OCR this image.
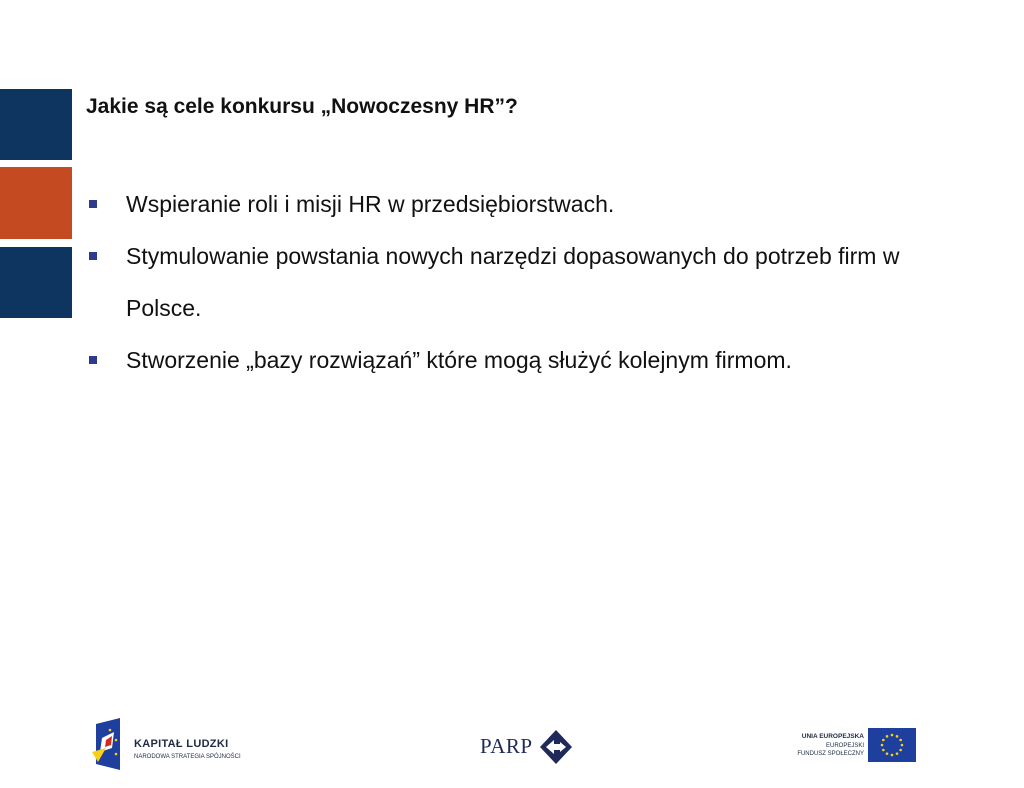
Jakie są cele konkursu „Nowoczesny HR”?
Wspieranie roli i misji HR w przedsiębiorstwach.
Stymulowanie powstania nowych narzędzi dopasowanych do potrzeb firm w Polsce.
Stworzenie „bazy rozwiązań” które mogą służyć kolejnym firmom.
KAPITAŁ LUDZKI
NARODOWA STRATEGIA SPÓJNOŚCI	PARP	UNIA EUROPEJSKA
EUROPEJSKI
FUNDUSZ SPOŁECZNY
